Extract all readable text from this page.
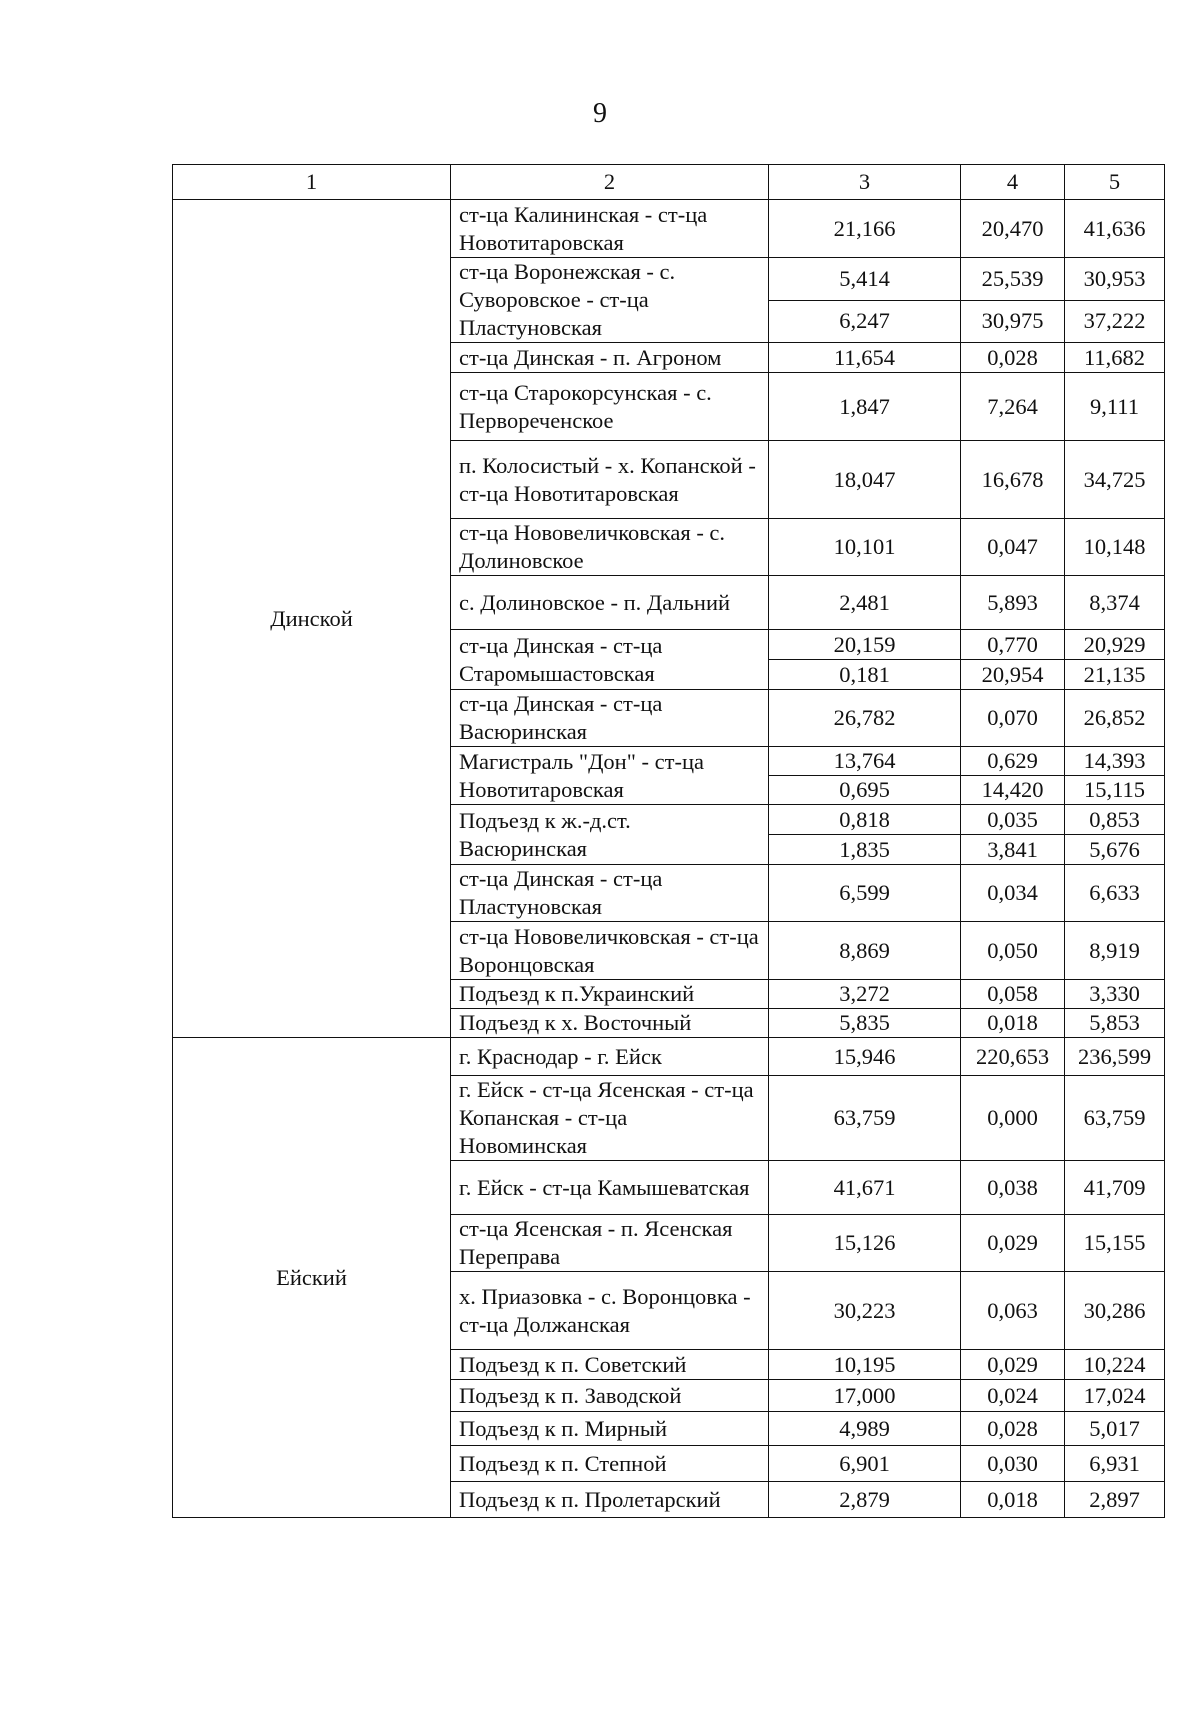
9
1	2	3	4	5
Динской	ст-ца Калининская - ст-ца Новотитаровская	21,166	20,470	41,636
	ст-ца Воронежская - с. Суворовское - ст-ца Пластуновская	5,414	25,539	30,953
		6,247	30,975	37,222
	ст-ца Динская - п. Агроном	11,654	0,028	11,682
	ст-ца Старокорсунская - с. Первореченское	1,847	7,264	9,111
	п. Колосистый - х. Копанской - ст-ца Новотитаровская	18,047	16,678	34,725
	ст-ца Нововеличковская - с. Долиновское	10,101	0,047	10,148
	с. Долиновское - п. Дальний	2,481	5,893	8,374
	ст-ца Динская - ст-ца Старомышастовская	20,159	0,770	20,929
		0,181	20,954	21,135
	ст-ца Динская - ст-ца Васюринская	26,782	0,070	26,852
	Магистраль "Дон" - ст-ца Новотитаровская	13,764	0,629	14,393
		0,695	14,420	15,115
	Подъезд к ж.-д.ст. Васюринская	0,818	0,035	0,853
		1,835	3,841	5,676
	ст-ца Динская - ст-ца Пластуновская	6,599	0,034	6,633
	ст-ца Нововеличковская - ст-ца Воронцовская	8,869	0,050	8,919
	Подъезд к п.Украинский	3,272	0,058	3,330
	Подъезд к х. Восточный	5,835	0,018	5,853
Ейский	г. Краснодар - г. Ейск	15,946	220,653	236,599
	г. Ейск - ст-ца Ясенская - ст-ца Копанская - ст-ца Новоминская	63,759	0,000	63,759
	г. Ейск - ст-ца Камышеватская	41,671	0,038	41,709
	ст-ца Ясенская - п. Ясенская Переправа	15,126	0,029	15,155
	х. Приазовка - с. Воронцовка - ст-ца Должанская	30,223	0,063	30,286
	Подъезд к п. Советский	10,195	0,029	10,224
	Подъезд к п. Заводской	17,000	0,024	17,024
	Подъезд к п. Мирный	4,989	0,028	5,017
	Подъезд к п. Степной	6,901	0,030	6,931
	Подъезд к п. Пролетарский	2,879	0,018	2,897
